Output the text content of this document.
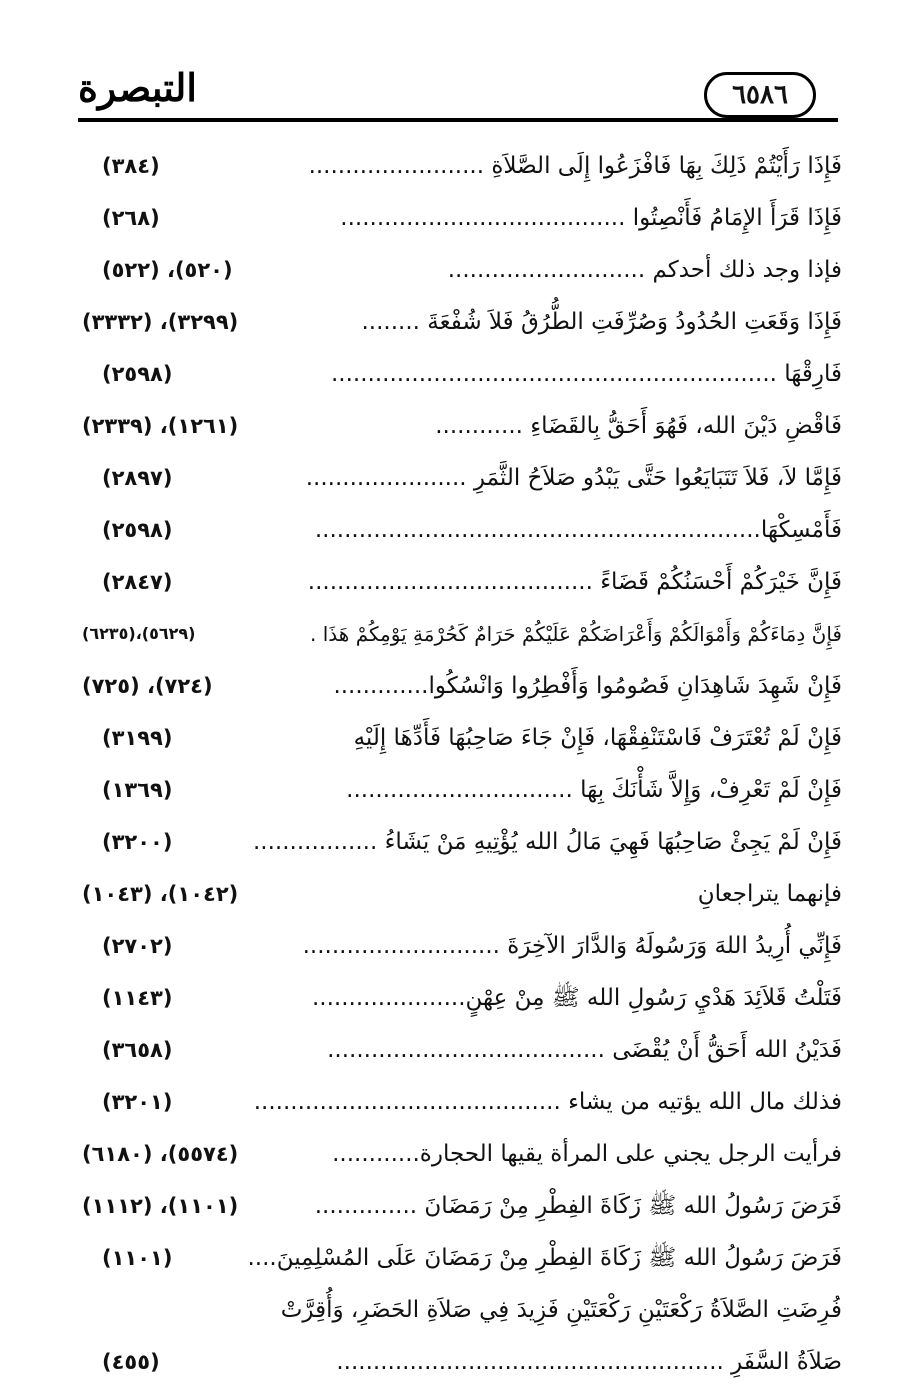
التبصرة	٦٥٨٦
فَإِذَا رَأَيْتُمْ ذَلِكَ بِهَا فَافْزَعُوا إِلَى الصَّلاَةِ ........................
(٣٨٤)
فَإِذَا قَرَأَ الإِمَامُ فَأَنْصِتُوا .......................................
(٢٦٨)
فإذا وجد ذلك أحدكم ...........................
(٥٢٠)، (٥٢٢)
فَإِذَا وَقَعَتِ الحُدُودُ وَصُرِّفَتِ الطُّرُقُ فَلاَ شُفْعَةَ ........
(٣٢٩٩)، (٣٣٣٢)
فَارِقْهَا .............................................................
(٢٥٩٨)
فَاقْضِ دَيْنَ الله، فَهُوَ أَحَقُّ بِالقَضَاءِ ............
(١٢٦١)، (٢٣٣٩)
فَإِمَّا لاَ، فَلاَ تَتَبَايَعُوا حَتَّى يَبْدُو صَلاَحُ الثَّمَرِ ......................
(٢٨٩٧)
فَأَمْسِكْهَا.............................................................
(٢٥٩٨)
فَإِنَّ خَيْرَكُمْ أَحْسَنُكُمْ قَضَاءً .......................................
(٢٨٤٧)
فَإِنَّ دِمَاءَكُمْ وَأَمْوَالَكُمْ وَأَعْرَاضَكُمْ عَلَيْكُمْ حَرَامٌ كَحُرْمَةِ يَوْمِكُمْ هَذَا .
(٥٦٢٩)،(٦٢٣٥)
فَإِنْ شَهِدَ شَاهِدَانِ فَصُومُوا وَأَفْطِرُوا وَانْسُكُوا.............
(٧٢٤)، (٧٢٥)
فَإِنْ لَمْ تُعْتَرَفْ فَاسْتَنْفِقْهَا، فَإِنْ جَاءَ صَاحِبُهَا فَأَدِّهَا إِلَيْهِ
(٣١٩٩)
فَإِنْ لَمْ تَعْرِفْ، وَإِلاَّ شَأْنَكَ بِهَا ...............................
(١٣٦٩)
فَإِنْ لَمْ يَجِئْ صَاحِبُهَا فَهِيَ مَالُ الله يُؤْتِيهِ مَنْ يَشَاءُ .................
(٣٢٠٠)
فإنهما يتراجعانِ
(١٠٤٢)، (١٠٤٣)
فَإِنِّي أُرِيدُ اللهَ وَرَسُولَهُ وَالدَّارَ الآخِرَةَ ...........................
(٢٧٠٢)
فَتَلْتُ قَلاَئِدَ هَدْيِ رَسُولِ الله ﷺ مِنْ عِهْنٍ.....................
(١١٤٣)
فَدَيْنُ الله أَحَقُّ أَنْ يُقْضَى ......................................
(٣٦٥٨)
فذلك مال الله يؤتيه من يشاء ..........................................
(٣٢٠١)
فرأيت الرجل يجني على المرأة يقيها الحجارة............
(٥٥٧٤)، (٦١٨٠)
فَرَضَ رَسُولُ الله ﷺ زَكَاةَ الفِطْرِ مِنْ رَمَضَانَ ..............
(١١٠١)، (١١١٢)
فَرَضَ رَسُولُ الله ﷺ زَكَاةَ الفِطْرِ مِنْ رَمَضَانَ عَلَى المُسْلِمِينَ....
(١١٠١)
فُرِضَتِ الصَّلاَةُ رَكْعَتَيْنِ رَكْعَتَيْنِ فَزِيدَ فِي صَلاَةِ الحَضَرِ، وَأُقِرَّتْ
صَلاَةُ السَّفَرِ .....................................................
(٤٥٥)
